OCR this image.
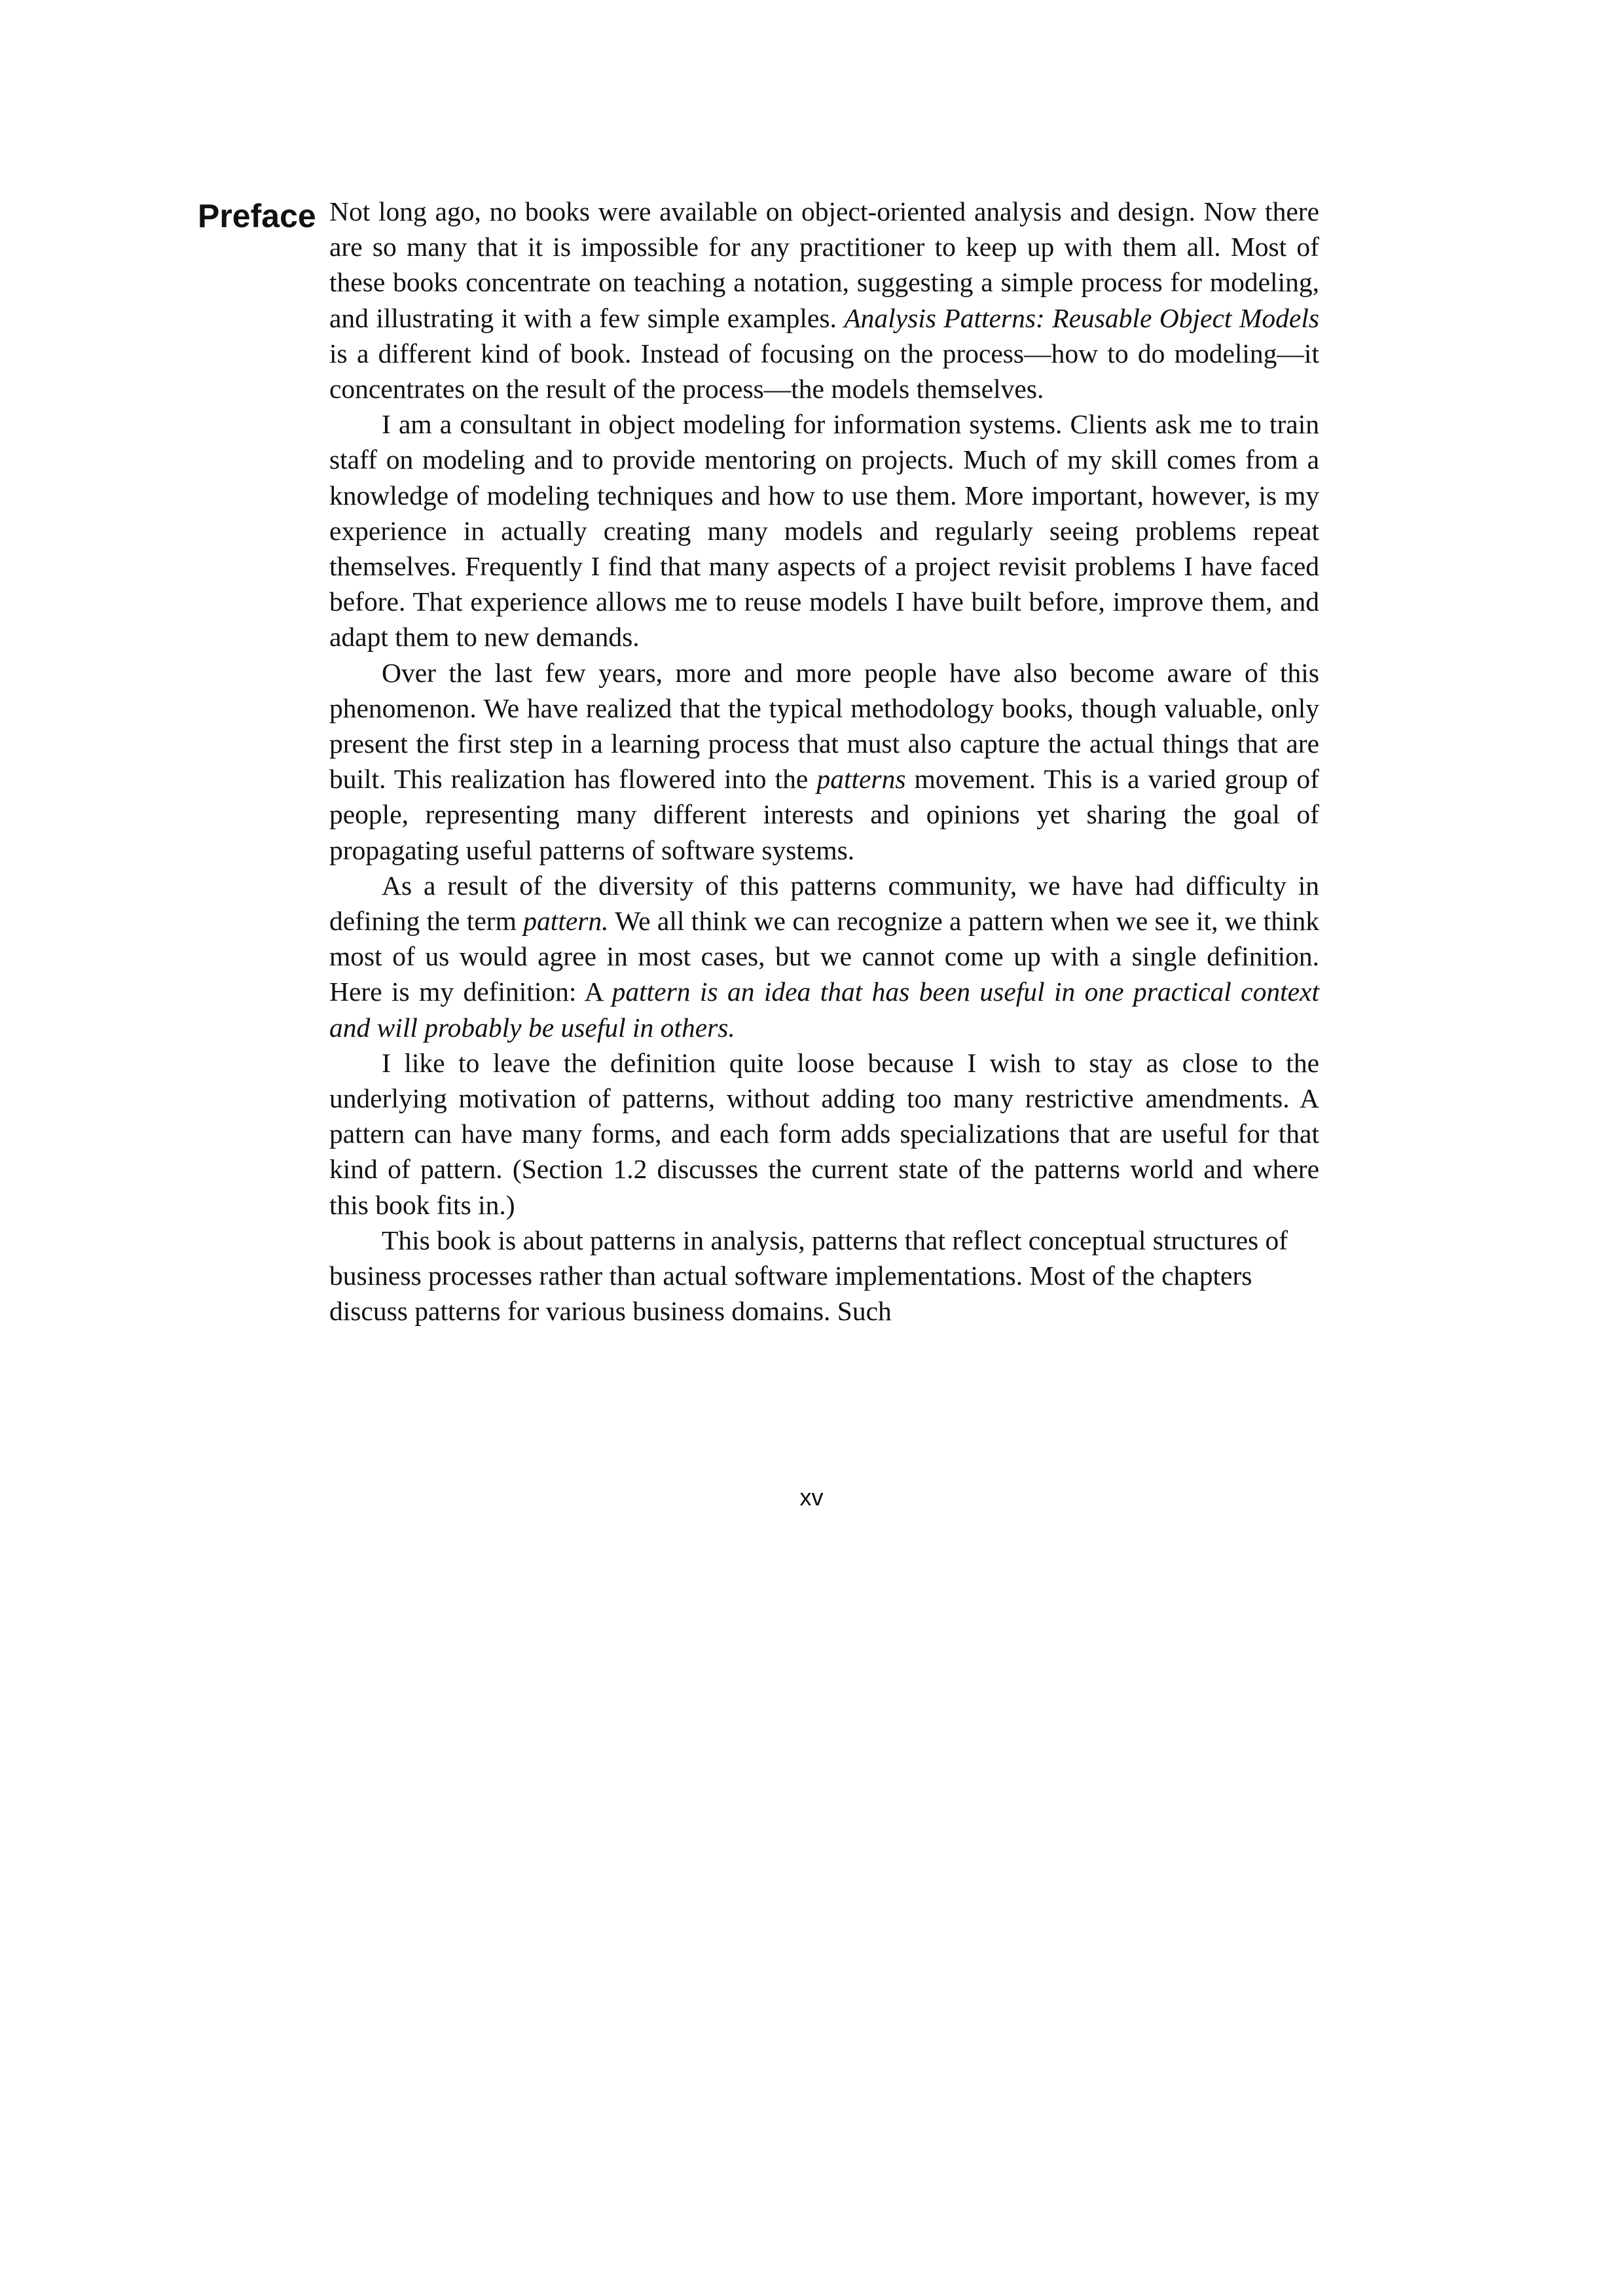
Preface Not long ago, no books were available on object-oriented analysis and design. Now there are so many that it is impossible for any practitioner to keep up with them all. Most of these books concentrate on teaching a notation, suggesting a simple process for modeling, and illustrating it with a few simple examples. Analysis Patterns: Reusable Object Models is a different kind of book. Instead of focusing on the process—how to do modeling—it concentrates on the result of the process—the models themselves.

I am a consultant in object modeling for information systems. Clients ask me to train staff on modeling and to provide mentoring on projects. Much of my skill comes from a knowledge of modeling techniques and how to use them. More important, however, is my experience in actually creating many models and regularly seeing problems repeat themselves. Frequently I find that many aspects of a project revisit problems I have faced before. That experience allows me to reuse models I have built before, improve them, and adapt them to new demands.

Over the last few years, more and more people have also become aware of this phenomenon. We have realized that the typical methodology books, though valuable, only present the first step in a learning process that must also capture the actual things that are built. This realization has flowered into the patterns movement. This is a varied group of people, representing many different interests and opinions yet sharing the goal of propagating useful patterns of software systems.

As a result of the diversity of this patterns community, we have had difficulty in defining the term pattern. We all think we can recognize a pattern when we see it, we think most of us would agree in most cases, but we cannot come up with a single definition. Here is my definition: A pattern is an idea that has been useful in one practical context and will probably be useful in others.

I like to leave the definition quite loose because I wish to stay as close to the underlying motivation of patterns, without adding too many restrictive amendments. A pattern can have many forms, and each form adds specializations that are useful for that kind of pattern. (Section 1.2 discusses the current state of the patterns world and where this book fits in.)

This book is about patterns in analysis, patterns that reflect conceptual structures of business processes rather than actual software implementations. Most of the chapters discuss patterns for various business domains. Such

xv
